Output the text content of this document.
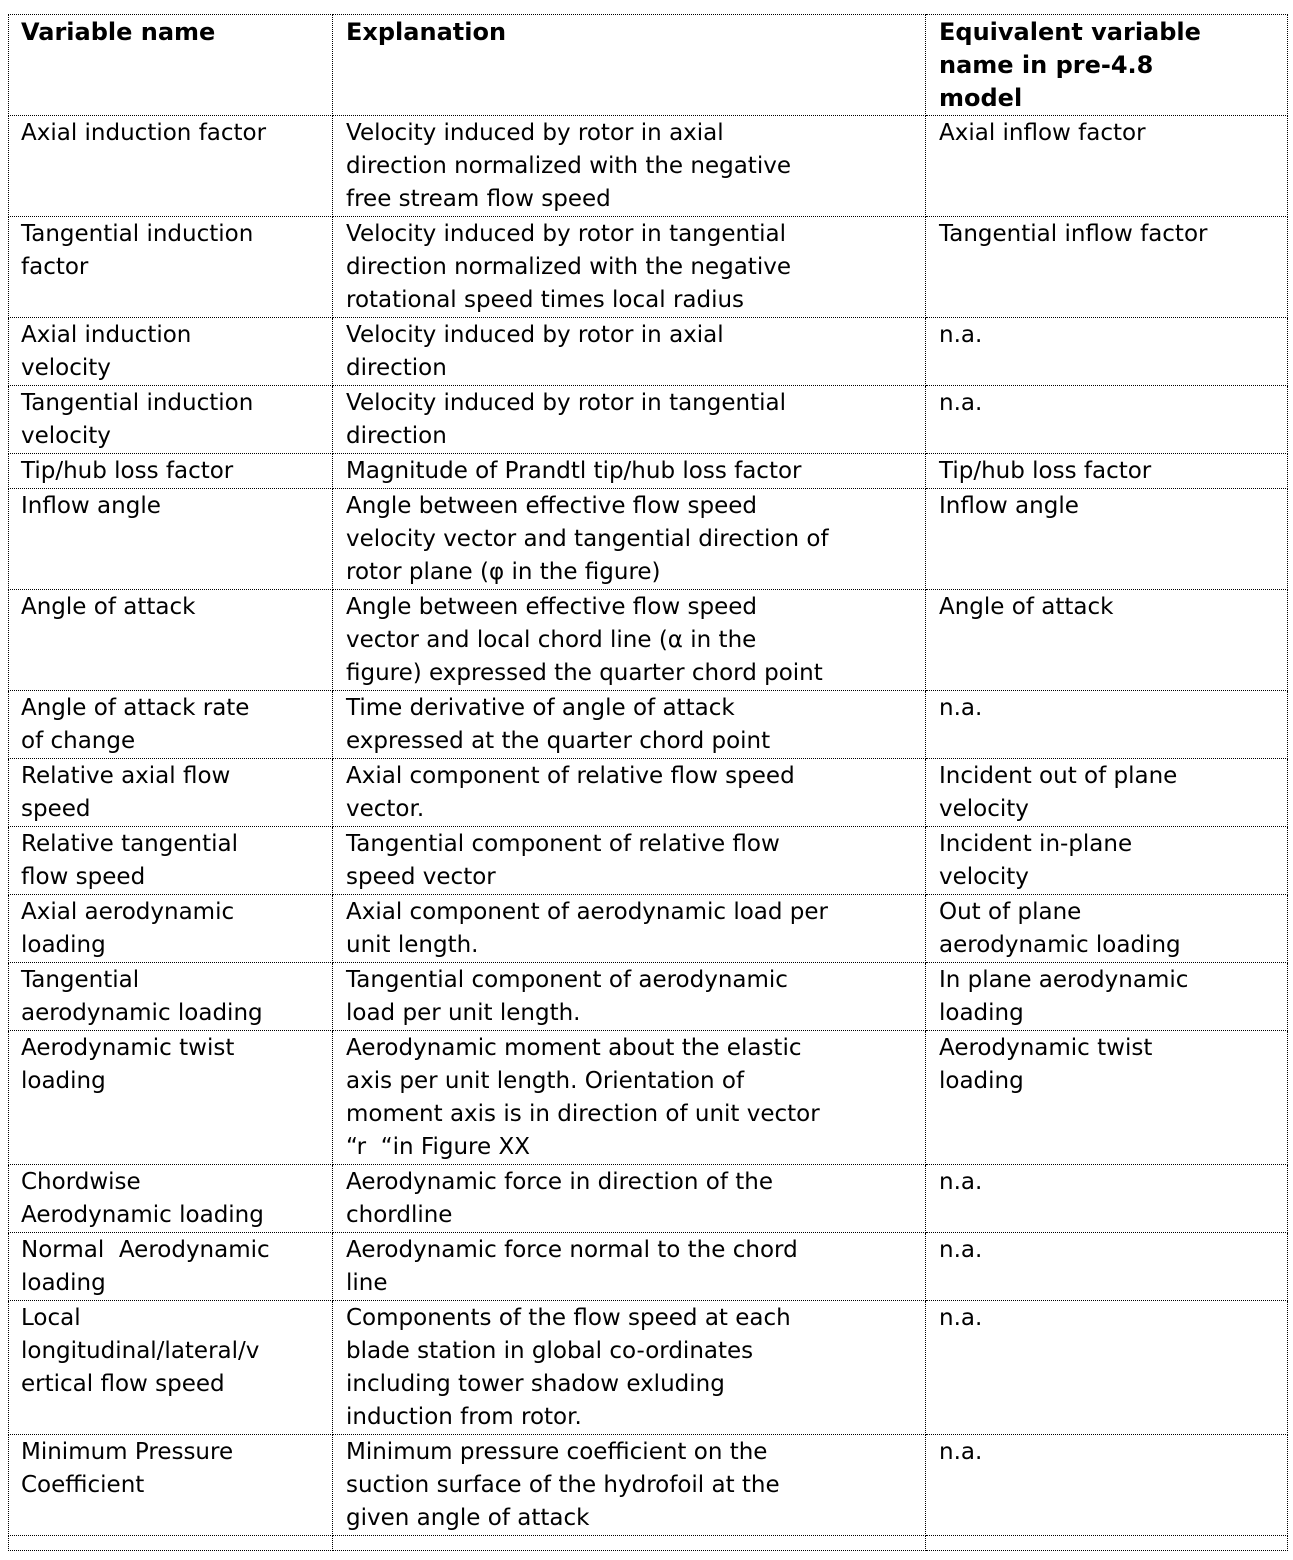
Variable name	Explanation	Equivalent variable name in pre-4.8 model
Axial induction factor	Velocity induced by rotor in axial direction normalized with the negative free stream flow speed	Axial inflow factor
Tangential induction factor	Velocity induced by rotor in tangential direction normalized with the negative rotational speed times local radius	Tangential inflow factor
Axial induction velocity	Velocity induced by rotor in axial direction	n.a.
Tangential induction velocity	Velocity induced by rotor in tangential direction	n.a.
Tip/hub loss factor	Magnitude of Prandtl tip/hub loss factor	Tip/hub loss factor
Inflow angle	Angle between effective flow speed velocity vector and tangential direction of rotor plane (φ in the figure)	Inflow angle
Angle of attack	Angle between effective flow speed vector and local chord line (α in the figure) expressed the quarter chord point	Angle of attack
Angle of attack rate of change	Time derivative of angle of attack expressed at the quarter chord point	n.a.
Relative axial flow speed	Axial component of relative flow speed vector.	Incident out of plane velocity
Relative tangential flow speed	Tangential component of relative flow speed vector	Incident in-plane velocity
Axial aerodynamic loading	Axial component of aerodynamic load per unit length.	Out of plane aerodynamic loading
Tangential aerodynamic loading	Tangential component of aerodynamic load per unit length.	In plane aerodynamic loading
Aerodynamic twist loading	Aerodynamic moment about the elastic axis per unit length. Orientation of moment axis is in direction of unit vector “r  “in Figure XX	Aerodynamic twist loading
Chordwise Aerodynamic loading	Aerodynamic force in direction of the chordline	n.a.
Normal  Aerodynamic loading	Aerodynamic force normal to the chord line	n.a.
Local longitudinal/lateral/vertical flow speed	Components of the flow speed at each blade station in global co-ordinates including tower shadow exluding induction from rotor.	n.a.
Minimum Pressure Coefficient	Minimum pressure coefficient on the suction surface of the hydrofoil at the given angle of attack	n.a.
